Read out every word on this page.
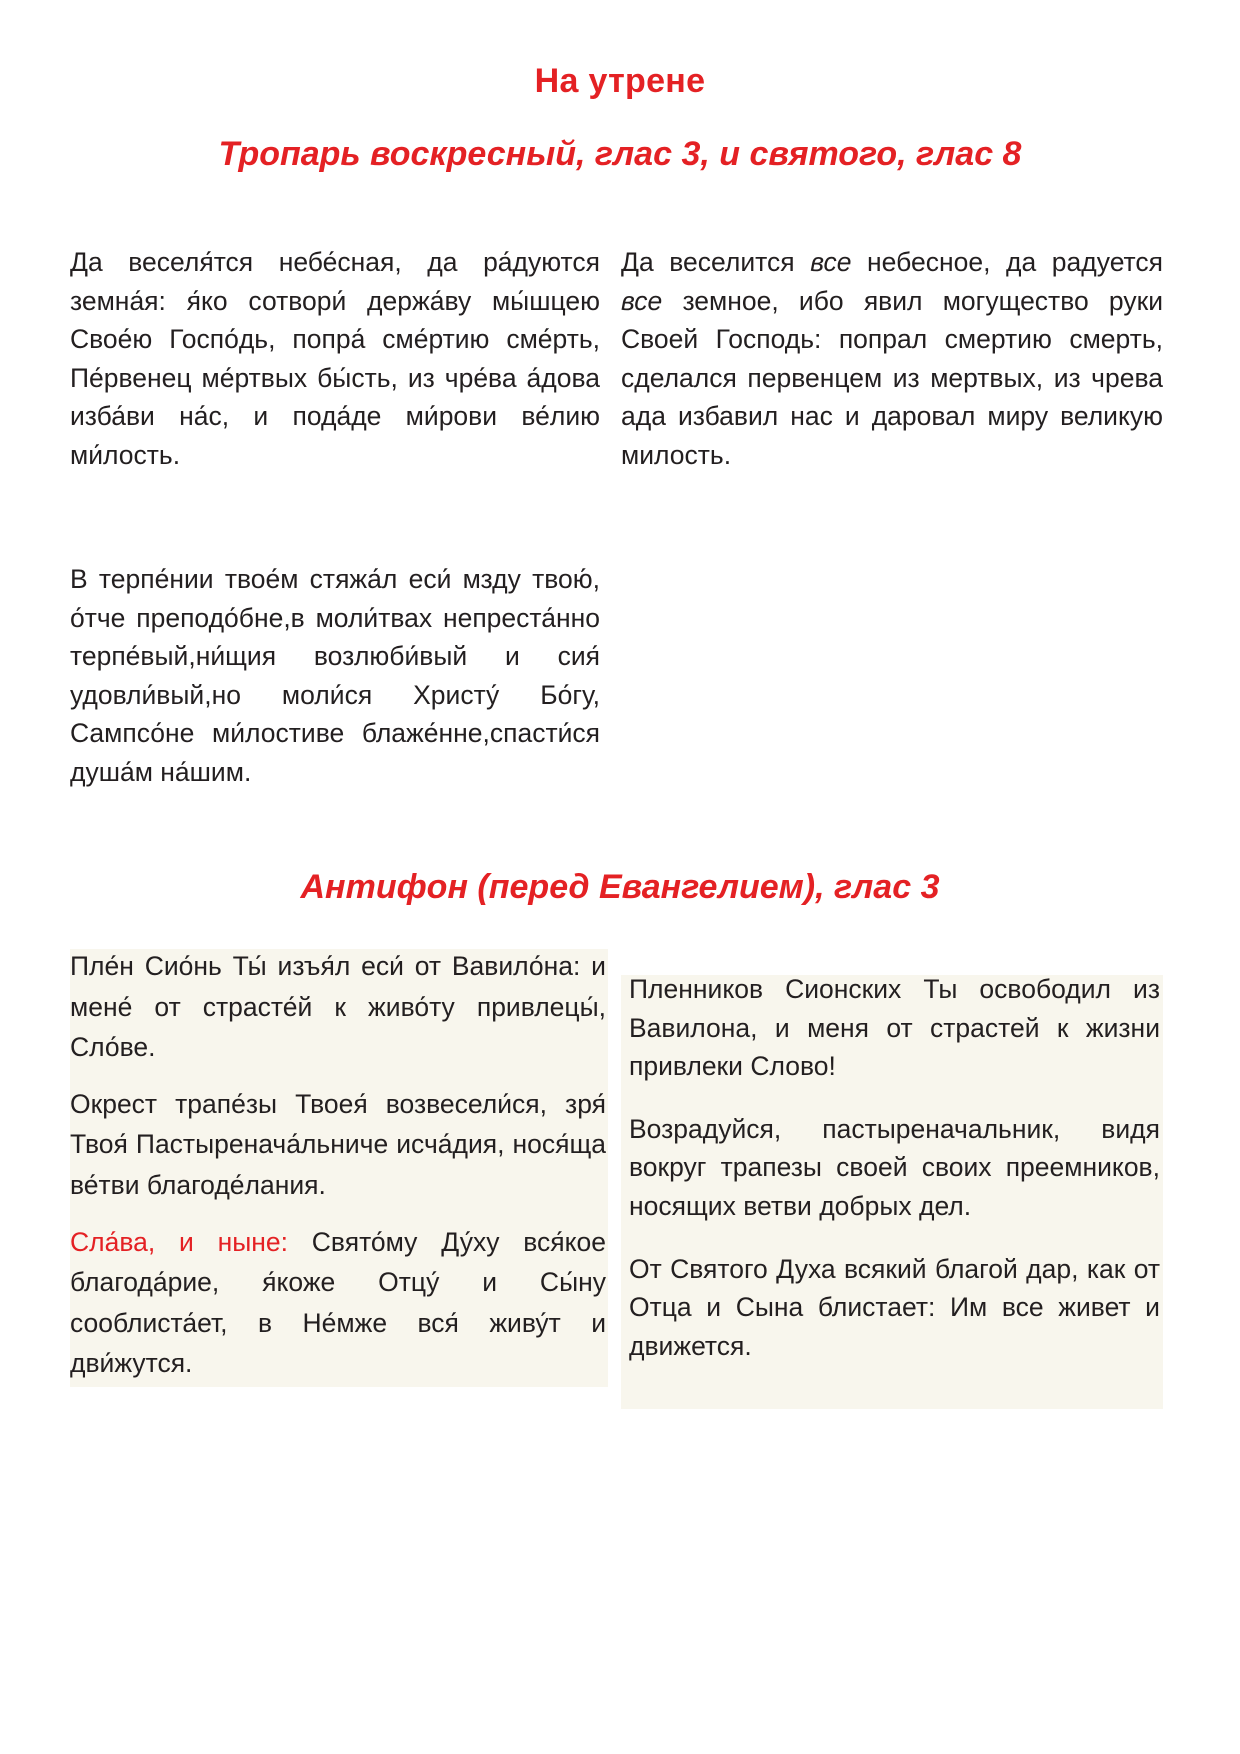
На утрене
Тропарь воскресный, глас 3, и святого, глас 8

Да веселя́тся небе́сная, да ра́дуются земна́я: я́ко сотвори́ держа́ву мы́шцею Свое́ю Госпо́дь, попра́ сме́ртию сме́рть, Пе́рвенец ме́ртвых бы́сть, из чре́ва а́дова изба́ви на́с, и пода́де ми́рови ве́лию ми́лость.

Да веселится все небесное, да радуется все земное, ибо явил могущество руки Своей Господь: попрал смертию смерть, сделался первенцем из мертвых, из чрева ада избавил нас и даровал миру великую милость.

В терпе́нии твое́м стяжа́л еси́ мзду твою́, о́тче преподо́бне,в моли́твах непреста́нно терпе́вый,ни́щия возлюби́вый и сия́ удовли́вый,но моли́ся Христу́ Бо́гу, Сампсо́не ми́лостиве блаже́нне,спасти́ся душа́м на́шим.

Антифон (перед Евангелием), глас 3

Пле́н Сио́нь Ты́ изъя́л еси́ от Вавило́на: и мене́ от страсте́й к живо́ту привлецы́, Сло́ве.

Окрест трапе́зы Твоея́ возвесели́ся, зря́ Твоя́ Пастыренача́льниче исча́дия, нося́ща ве́тви благоде́лания.

Сла́ва, и ныне: Свято́му Ду́ху вся́кое благода́рие, я́коже Отцу́ и Сы́ну сооблиста́ет, в Не́мже вся́ живу́т и дви́жутся.

Пленников Сионских Ты освободил из Вавилона, и меня от страстей к жизни привлеки Слово!

Возрадуйся, пастыреначальник, видя вокруг трапезы своей своих преемников, носящих ветви добрых дел.

От Святого Духа всякий благой дар, как от Отца и Сына блистает: Им все живет и движется.
